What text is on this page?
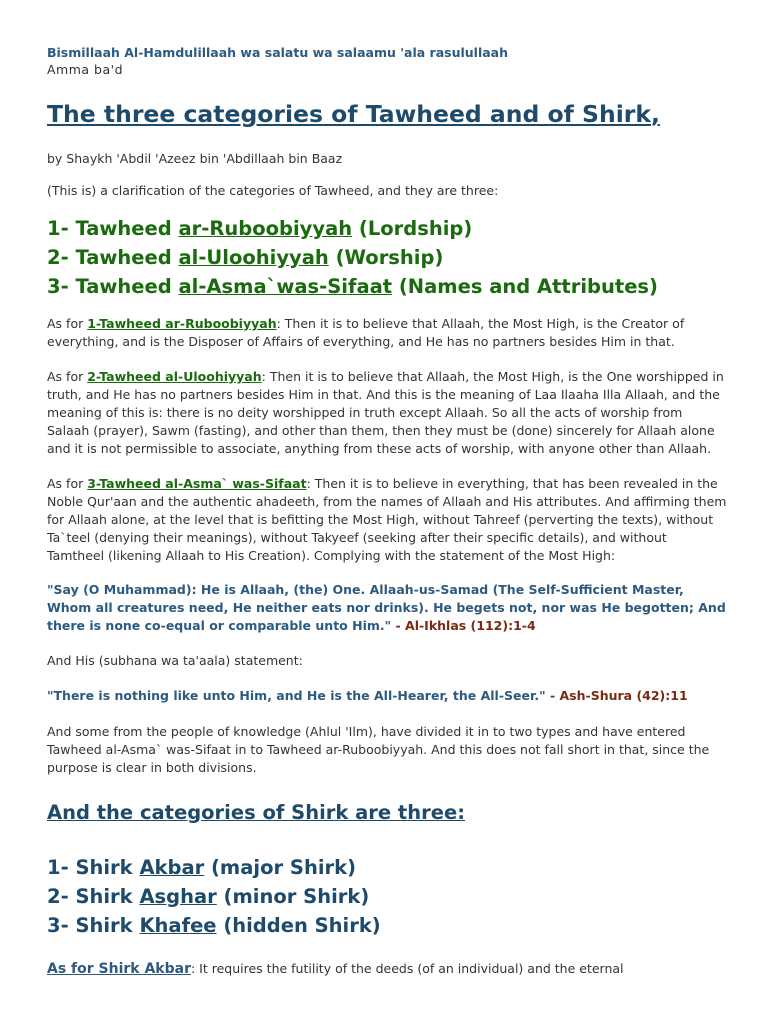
Bismillaah Al-Hamdulillaah wa salatu wa salaamu 'ala rasulullaah

Amma ba'd

The three categories of Tawheed and of Shirk,

by Shaykh 'Abdil 'Azeez bin 'Abdillaah bin Baaz

(This is) a clarification of the categories of Tawheed, and they are three:

1- Tawheed ar-Ruboobiyyah (Lordship)
2- Tawheed al-Uloohiyyah (Worship)
3- Tawheed al-Asma`was-Sifaat (Names and Attributes)

As for 1-Tawheed ar-Ruboobiyyah: Then it is to believe that Allaah, the Most High, is the Creator of everything, and is the Disposer of Affairs of everything, and He has no partners besides Him in that.

As for 2-Tawheed al-Uloohiyyah: Then it is to believe that Allaah, the Most High, is the One worshipped in truth, and He has no partners besides Him in that. And this is the meaning of Laa Ilaaha Illa Allaah, and the meaning of this is: there is no deity worshipped in truth except Allaah. So all the acts of worship from Salaah (prayer), Sawm (fasting), and other than them, then they must be (done) sincerely for Allaah alone and it is not permissible to associate, anything from these acts of worship, with anyone other than Allaah.

As for 3-Tawheed al-Asma` was-Sifaat: Then it is to believe in everything, that has been revealed in the Noble Qur'aan and the authentic ahadeeth, from the names of Allaah and His attributes. And affirming them for Allaah alone, at the level that is befitting the Most High, without Tahreef (perverting the texts), without Ta`teel (denying their meanings), without Takyeef (seeking after their specific details), and without Tamtheel (likening Allaah to His Creation). Complying with the statement of the Most High:

"Say (O Muhammad): He is Allaah, (the) One. Allaah-us-Samad (The Self-Sufficient Master, Whom all creatures need, He neither eats nor drinks). He begets not, nor was He begotten; And there is none co-equal or comparable unto Him." - Al-Ikhlas (112):1-4

And His (subhana wa ta'aala) statement:

"There is nothing like unto Him, and He is the All-Hearer, the All-Seer." - Ash-Shura (42):11

And some from the people of knowledge (Ahlul 'Ilm), have divided it in to two types and have entered Tawheed al-Asma` was-Sifaat in to Tawheed ar-Ruboobiyyah. And this does not fall short in that, since the purpose is clear in both divisions.

And the categories of Shirk are three:
1- Shirk Akbar (major Shirk)
2- Shirk Asghar (minor Shirk)
3- Shirk Khafee (hidden Shirk)

As for Shirk Akbar: It requires the futility of the deeds (of an individual) and the eternal
